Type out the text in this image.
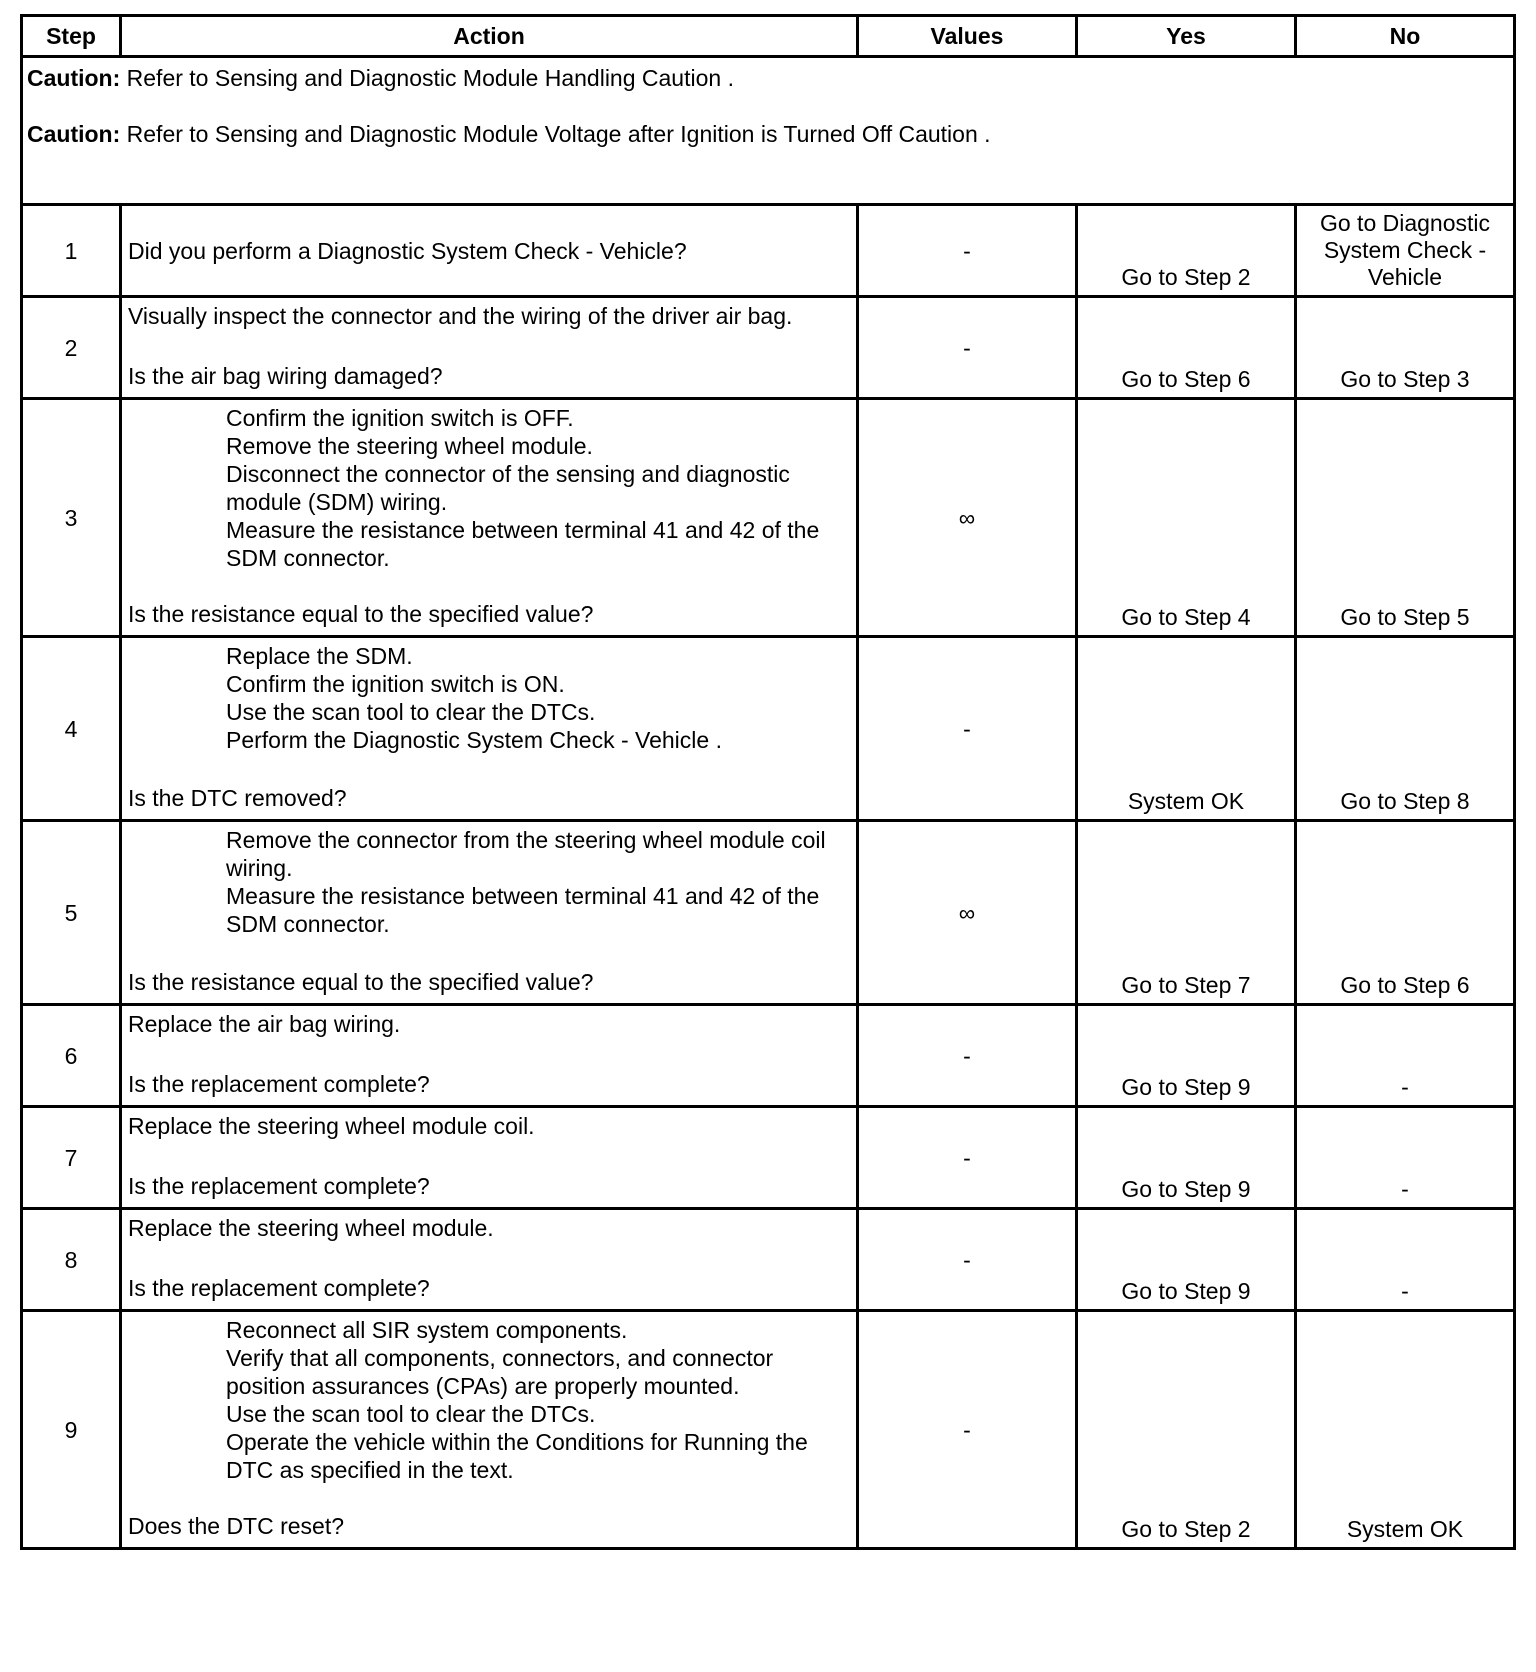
Step	Action	Values	Yes	No

Caution: Refer to Sensing and Diagnostic Module Handling Caution .

Caution: Refer to Sensing and Diagnostic Module Voltage after Ignition is Turned Off Caution .				

1	Did you perform a Diagnostic System Check - Vehicle?	-	Go to Step 2	Go to Diagnostic System Check - Vehicle
2	Visually inspect the connector and the wiring of the driver air bag.
Is the air bag wiring damaged?	-	Go to Step 6	Go to Step 3
3	Confirm the ignition switch is OFF.

Remove the steering wheel module.

Disconnect the connector of the sensing and diagnostic module (SDM) wiring.

Measure the resistance between terminal 41 and 42 of the SDM connector.

Is the resistance equal to the specified value?	∞	Go to Step 4	Go to Step 5
4	Replace the SDM.

Confirm the ignition switch is ON.

Use the scan tool to clear the DTCs.

Perform the Diagnostic System Check - Vehicle .

Is the DTC removed?	-	System OK	Go to Step 8
5	Remove the connector from the steering wheel module coil wiring.

Measure the resistance between terminal 41 and 42 of the SDM connector.

Is the resistance equal to the specified value?	∞	Go to Step 7	Go to Step 6
6	Replace the air bag wiring.
Is the replacement complete?	-	Go to Step 9	-
7	Replace the steering wheel module coil.
Is the replacement complete?	-	Go to Step 9	-
8	Replace the steering wheel module.
Is the replacement complete?	-	Go to Step 9	-
9	Reconnect all SIR system components.

Verify that all components, connectors, and connector position assurances (CPAs) are properly mounted.

Use the scan tool to clear the DTCs.

Operate the vehicle within the Conditions for Running the DTC as specified in the text.

Does the DTC reset?	-	Go to Step 2	System OK
